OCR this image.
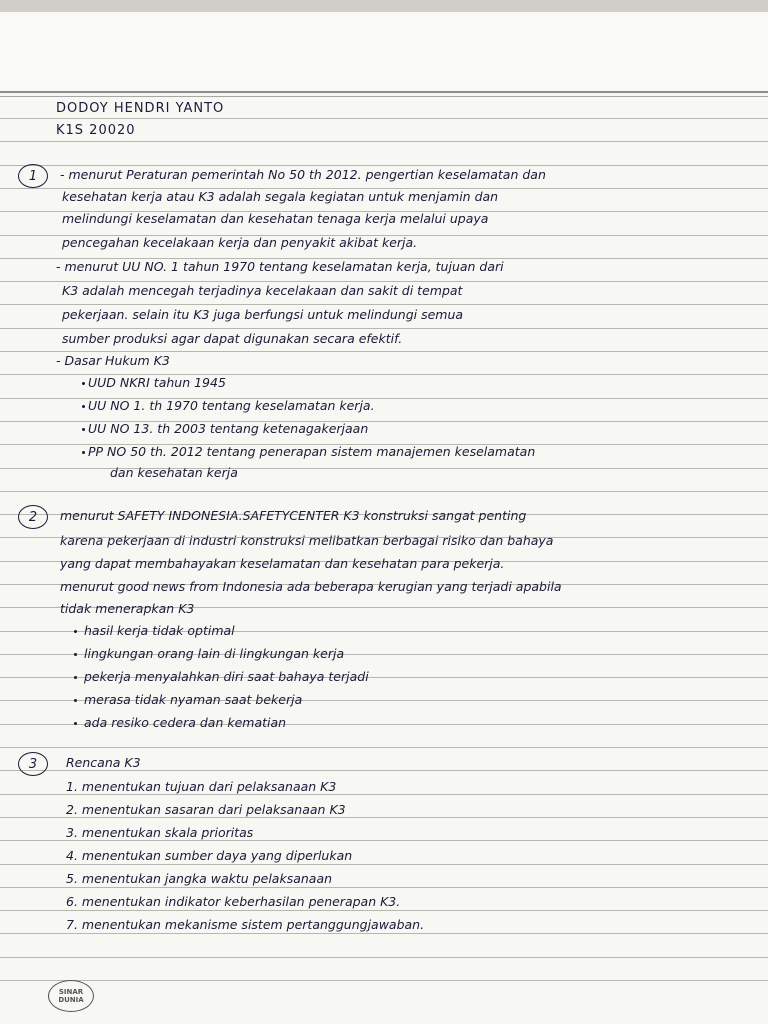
DODOY HENDRI YANTO
K1S 20020
1	- menurut Peraturan pemerintah No 50 th 2012. pengertian keselamatan dan
kesehatan kerja atau K3 adalah segala kegiatan untuk menjamin dan
melindungi keselamatan dan kesehatan tenaga kerja melalui upaya
pencegahan kecelakaan kerja dan penyakit akibat kerja.
- menurut UU NO. 1 tahun 1970 tentang keselamatan kerja, tujuan dari
K3 adalah mencegah terjadinya kecelakaan dan sakit di tempat
pekerjaan. selain itu K3 juga berfungsi untuk melindungi semua
sumber produksi agar dapat digunakan secara efektif.
- Dasar Hukum K3
UUD NKRI tahun 1945
UU NO 1. th 1970 tentang keselamatan kerja.
UU NO 13. th 2003 tentang ketenagakerjaan
PP NO 50 th. 2012 tentang penerapan sistem manajemen keselamatan
dan kesehatan kerja
2	menurut SAFETY INDONESIA.SAFETYCENTER K3 konstruksi sangat penting
karena pekerjaan di industri konstruksi melibatkan berbagai risiko dan bahaya
yang dapat membahayakan keselamatan dan kesehatan para pekerja.
menurut good news from Indonesia ada beberapa kerugian yang terjadi apabila
tidak menerapkan K3
hasil kerja tidak optimal
lingkungan orang lain di lingkungan kerja
pekerja menyalahkan diri saat bahaya terjadi
merasa tidak nyaman saat bekerja
ada resiko cedera dan kematian
3	Rencana K3
1. menentukan tujuan dari pelaksanaan K3
2. menentukan sasaran dari pelaksanaan K3
3. menentukan skala prioritas
4. menentukan sumber daya yang diperlukan
5. menentukan jangka waktu pelaksanaan
6. menentukan indikator keberhasilan penerapan K3.
7. menentukan mekanisme sistem pertanggungjawaban.
SINAR
DUNIA
